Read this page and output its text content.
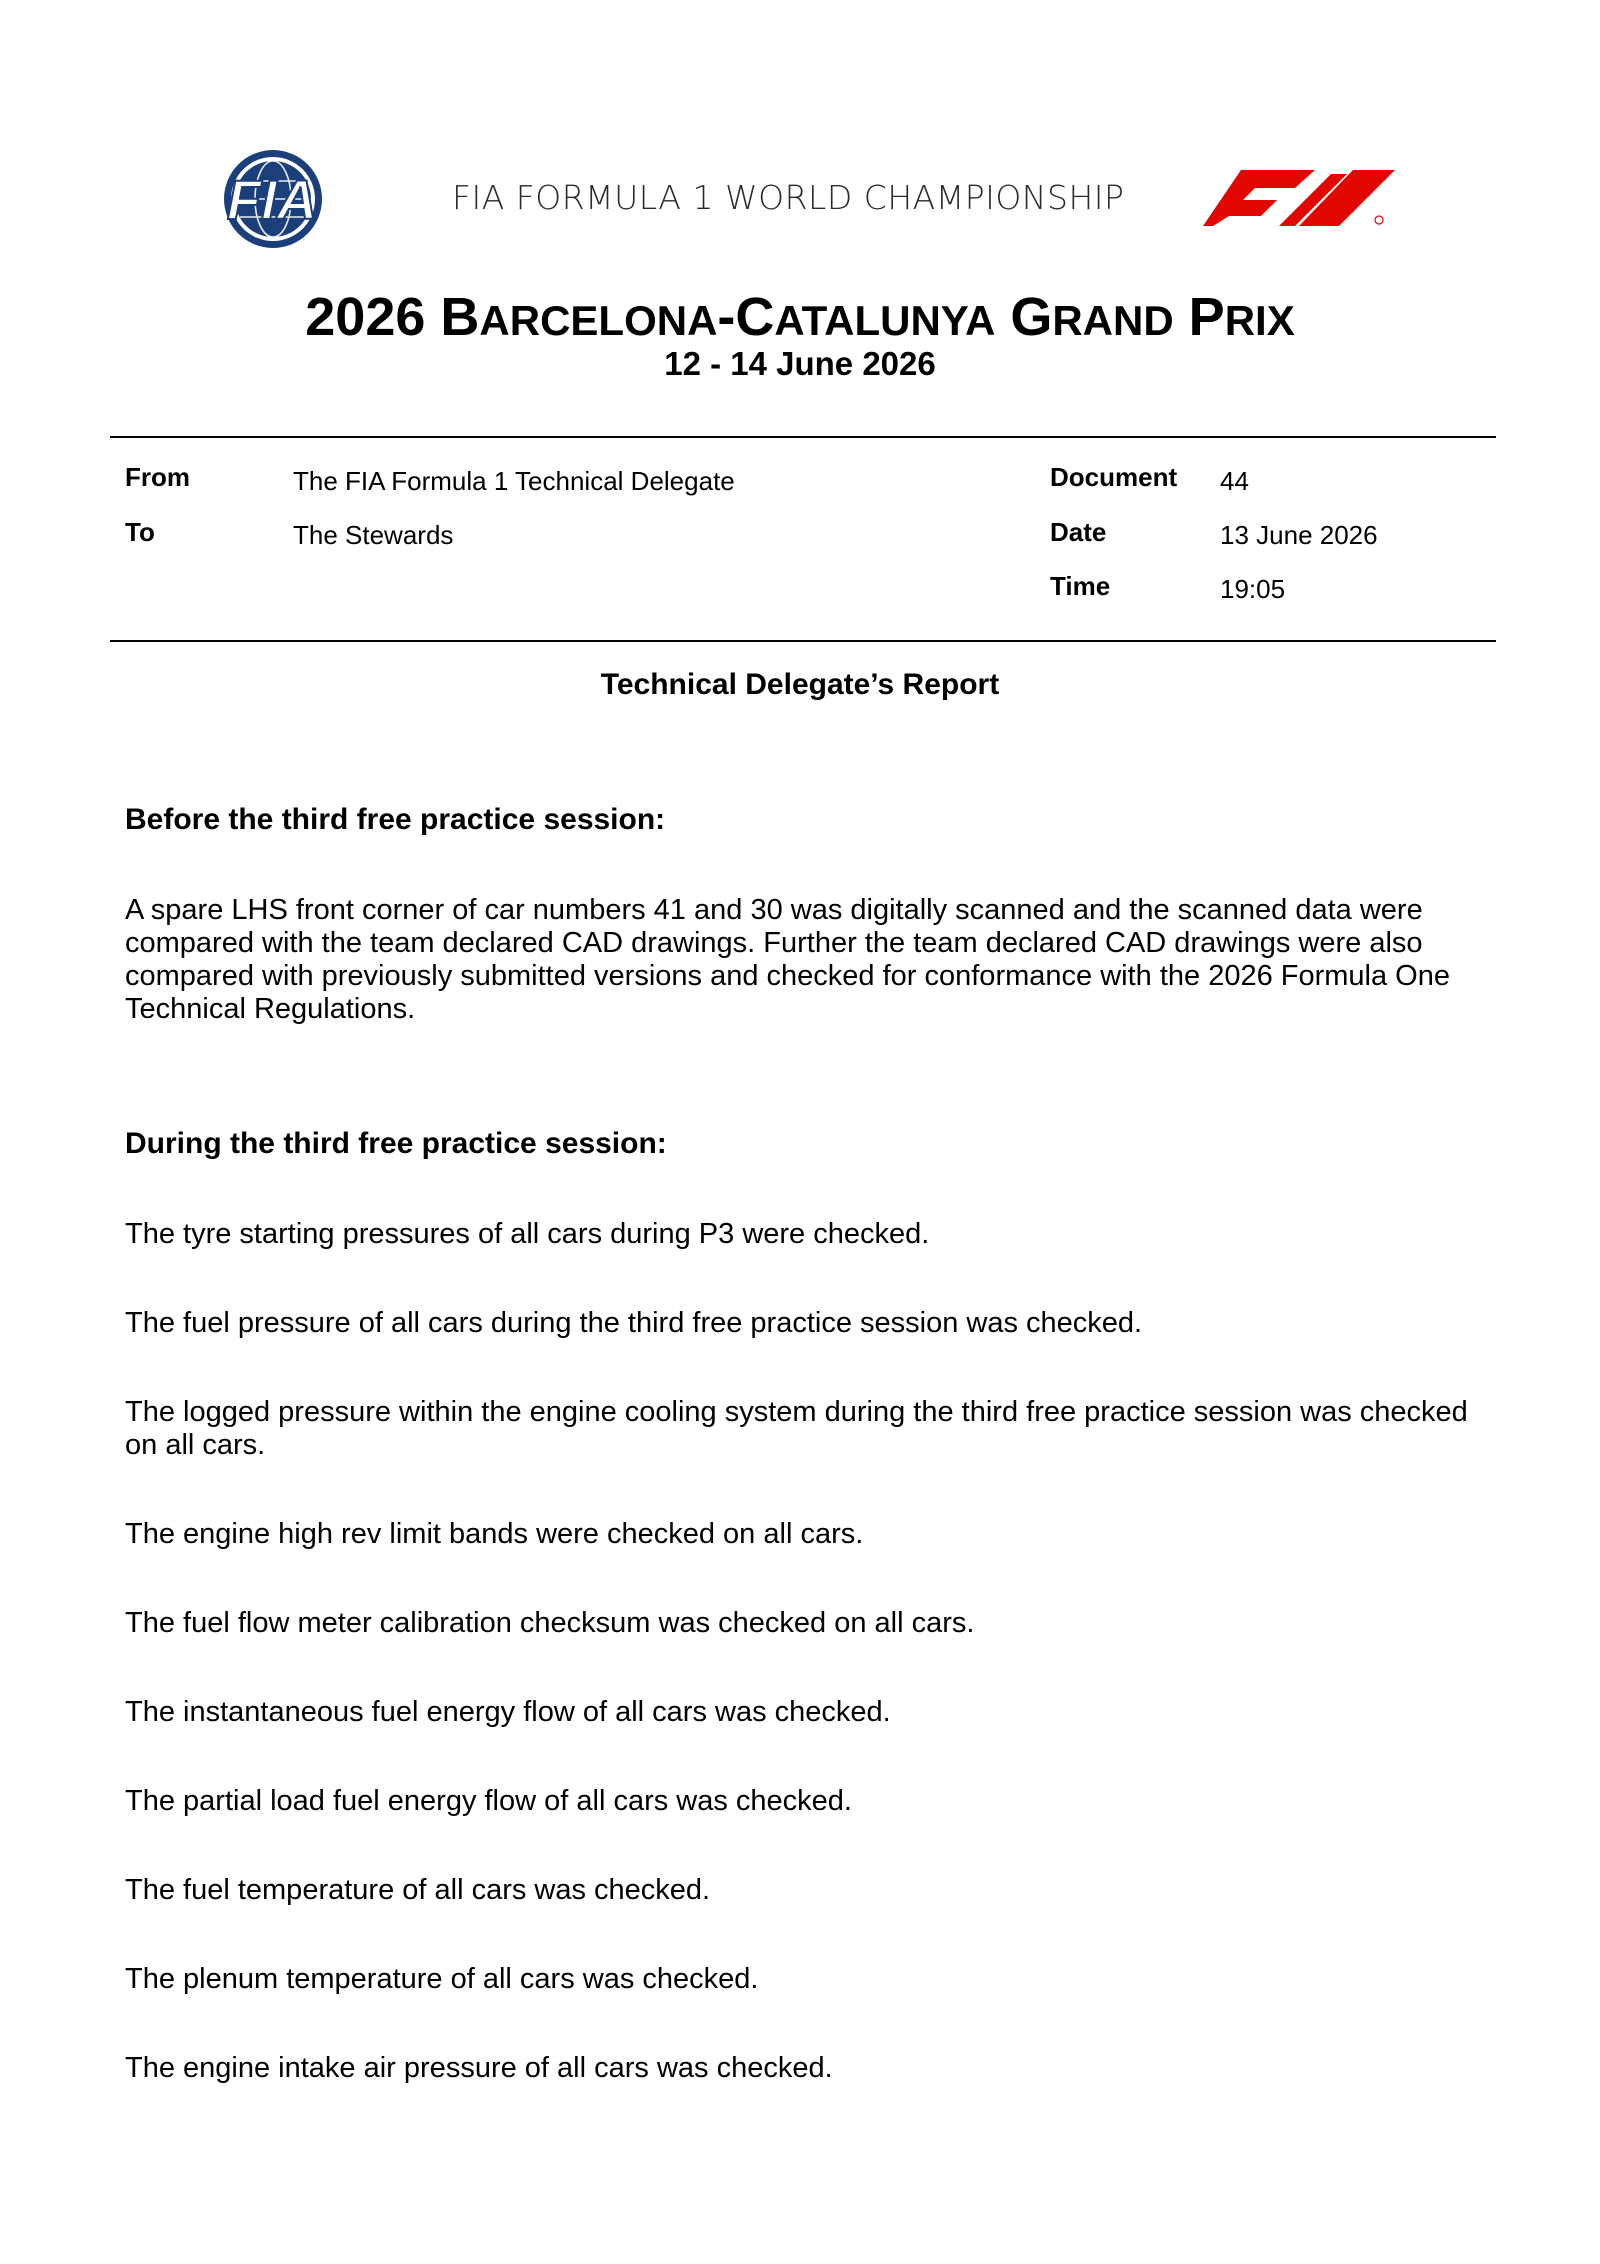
FIA	FIA FORMULA 1 WORLD CHAMPIONSHIP
2026 BARCELONA-CATALUNYA GRAND PRIX
12 - 14 June 2026
From	The FIA Formula 1 Technical Delegate
To	The Stewards
Document 44
Date	13 June 2026
Time	19:05
Technical Delegate’s Report
Before the third free practice session:
A spare LHS front corner of car numbers 41 and 30 was digitally scanned and the scanned data were compared with the team declared CAD drawings. Further the team declared CAD drawings were also compared with previously submitted versions and checked for conformance with the 2026 Formula One Technical Regulations.
During the third free practice session:
The tyre starting pressures of all cars during P3 were checked.
The fuel pressure of all cars during the third free practice session was checked.
The logged pressure within the engine cooling system during the third free practice session was checked on all cars.
The engine high rev limit bands were checked on all cars.
The fuel flow meter calibration checksum was checked on all cars.
The instantaneous fuel energy flow of all cars was checked.
The partial load fuel energy flow of all cars was checked.
The fuel temperature of all cars was checked.
The plenum temperature of all cars was checked.
The engine intake air pressure of all cars was checked.
